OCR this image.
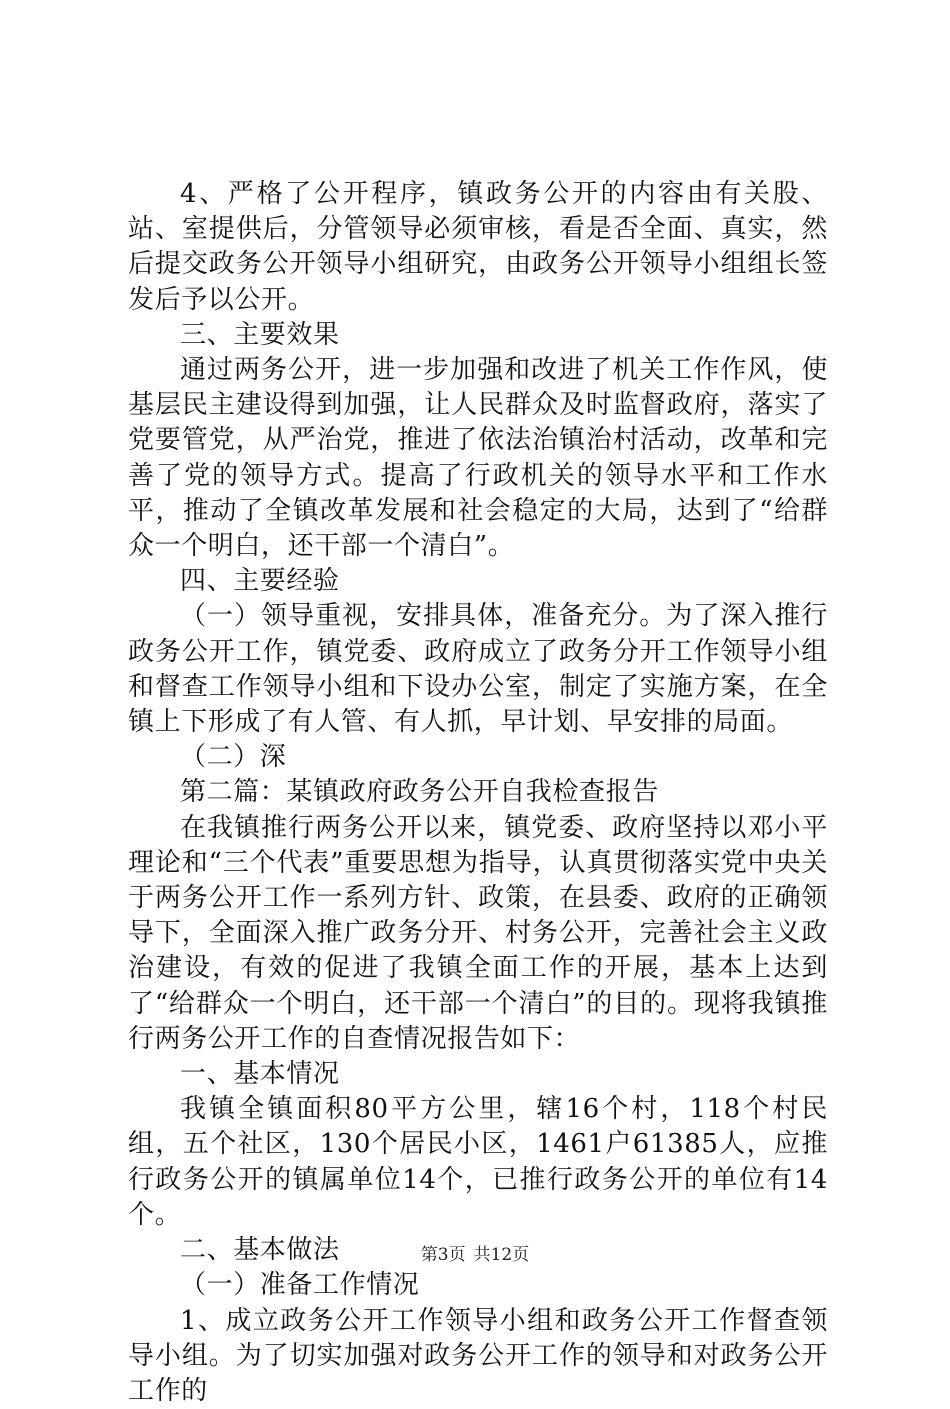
4、严格了公开程序，镇政务公开的内容由有关股、站、室提供后，分管领导必须审核，看是否全面、真实，然后提交政务公开领导小组研究，由政务公开领导小组组长签发后予以公开。

三、主要效果

通过两务公开，进一步加强和改进了机关工作作风，使基层民主建设得到加强，让人民群众及时监督政府，落实了党要管党，从严治党，推进了依法治镇治村活动，改革和完善了党的领导方式。提高了行政机关的领导水平和工作水平，推动了全镇改革发展和社会稳定的大局，达到了“给群众一个明白，还干部一个清白”。

四、主要经验

（一）领导重视，安排具体，准备充分。为了深入推行政务公开工作，镇党委、政府成立了政务分开工作领导小组和督查工作领导小组和下设办公室，制定了实施方案，在全镇上下形成了有人管、有人抓，早计划、早安排的局面。

（二）深

第二篇：某镇政府政务公开自我检查报告

在我镇推行两务公开以来，镇党委、政府坚持以邓小平理论和“三个代表”重要思想为指导，认真贯彻落实党中央关于两务公开工作一系列方针、政策，在县委、政府的正确领导下，全面深入推广政务分开、村务公开，完善社会主义政治建设，有效的促进了我镇全面工作的开展，基本上达到了“给群众一个明白，还干部一个清白”的目的。现将我镇推行两务公开工作的自查情况报告如下：

一、基本情况

我镇全镇面积80平方公里，辖16个村，118个村民组，五个社区，130个居民小区，1461户61385人，应推行政务公开的镇属单位14个，已推行政务公开的单位有14个。

二、基本做法

（一）准备工作情况

1、成立政务公开工作领导小组和政务公开工作督查领导小组。为了切实加强对政务公开工作的领导和对政务公开工作的

第3页 共12页
